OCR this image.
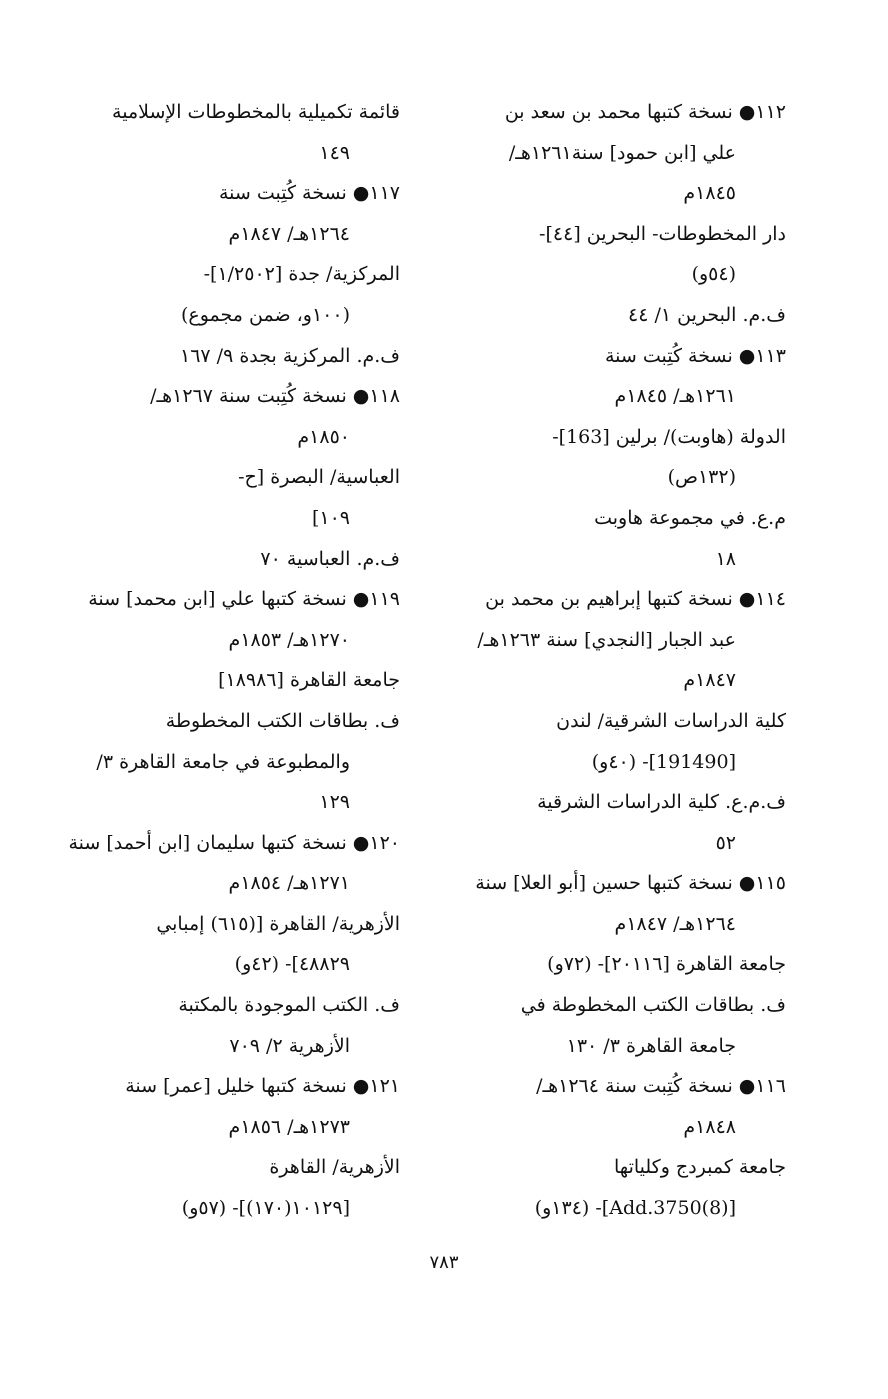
١١٢● نسخة كتبها محمد بن سعد بن
علي [ابن حمود] سنة١٢٦١هـ/
١٨٤٥م
دار المخطوطات- البحرين [٤٤]-
(٥٤و)
ف.م. البحرين ١/ ٤٤
١١٣● نسخة كُتِبت سنة
١٢٦١هـ/ ١٨٤٥م
الدولة (هاوبت)/ برلين [163]-
(١٣٢ص)
م.ع. في مجموعة هاوبت
١٨
١١٤● نسخة كتبها إبراهيم بن محمد بن
عبد الجبار [النجدي] سنة ١٢٦٣هـ/
١٨٤٧م
كلية الدراسات الشرقية/ لندن
[191490]- (٤٠و)
ف.م.ع. كلية الدراسات الشرقية
٥٢
١١٥● نسخة كتبها حسين [أبو العلا] سنة
١٢٦٤هـ/ ١٨٤٧م
جامعة القاهرة [٢٠١١٦]- (٧٢و)
ف. بطاقات الكتب المخطوطة في
جامعة القاهرة ٣/ ١٣٠
١١٦● نسخة كُتِبت سنة ١٢٦٤هـ/
١٨٤٨م
جامعة كمبردج وكلياتها
[Add.3750(8)]- (١٣٤و)
قائمة تكميلية بالمخطوطات الإسلامية
١٤٩
١١٧● نسخة كُتِبت سنة
١٢٦٤هـ/ ١٨٤٧م
المركزية/ جدة [١/٢٥٠٢]-
(١٠٠و، ضمن مجموع)
ف.م. المركزية بجدة ٩/ ١٦٧
١١٨● نسخة كُتِبت سنة ١٢٦٧هـ/
١٨٥٠م
العباسية/ البصرة [ح-
١٠٩]
ف.م. العباسية ٧٠
١١٩● نسخة كتبها علي [ابن محمد] سنة
١٢٧٠هـ/ ١٨٥٣م
جامعة القاهرة [١٨٩٨٦]
ف. بطاقات الكتب المخطوطة
والمطبوعة في جامعة القاهرة ٣/
١٢٩
١٢٠● نسخة كتبها سليمان [ابن أحمد] سنة
١٢٧١هـ/ ١٨٥٤م
الأزهرية/ القاهرة [(٦١٥) إمبابي
٤٨٨٢٩]- (٤٢و)
ف. الكتب الموجودة بالمكتبة
الأزهرية ٢/ ٧٠٩
١٢١● نسخة كتبها خليل [عمر] سنة
١٢٧٣هـ/ ١٨٥٦م
الأزهرية/ القاهرة
[١٠١٢٩(١٧٠)]- (٥٧و)
٧٨٣
